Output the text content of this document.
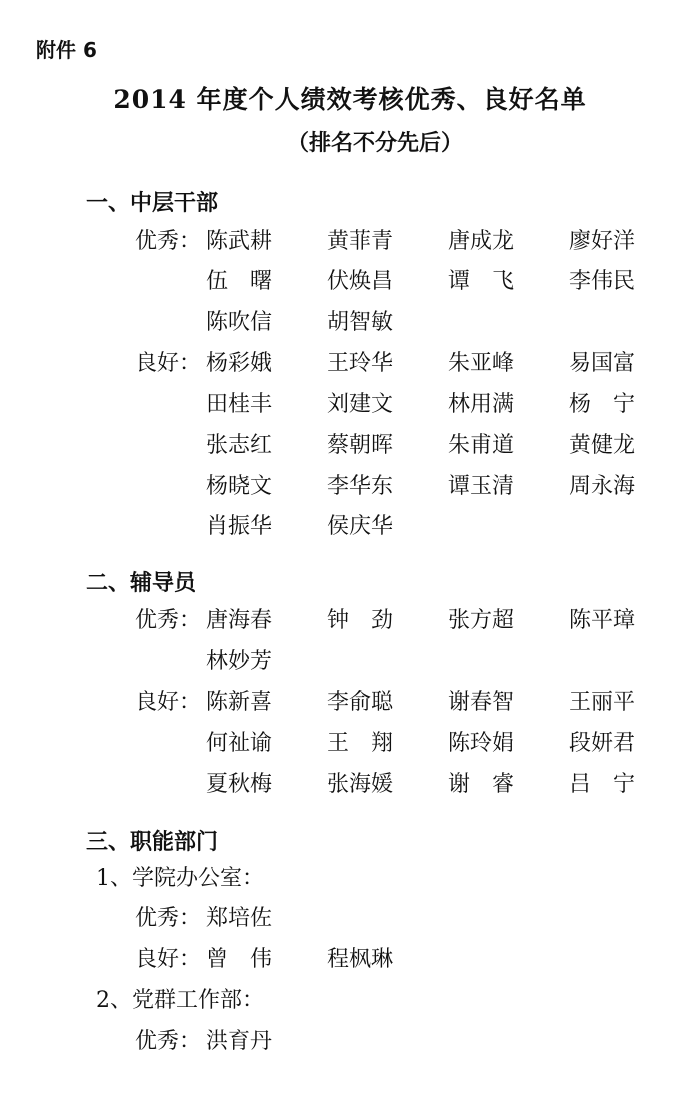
附件 6
2014 年度个人绩效考核优秀、良好名单
（排名不分先后）
一、中层干部
优秀： 陈武耕 黄菲青 唐成龙 廖好洋
伍　曙 伏焕昌 谭　飞 李伟民
陈吹信 胡智敏
良好： 杨彩娥 王玲华 朱亚峰 易国富
田桂丰 刘建文 林用满 杨　宁
张志红 蔡朝晖 朱甫道 黄健龙
杨晓文 李华东 谭玉清 周永海
肖振华 侯庆华
二、辅导员
优秀： 唐海春 钟　劲 张方超 陈平璋
林妙芳
良好： 陈新喜 李俞聪 谢春智 王丽平
何祉谕 王　翔 陈玲娟 段妍君
夏秋梅 张海媛 谢　睿 吕　宁
三、职能部门
1、学院办公室：
优秀： 郑培佐
良好： 曾　伟 程枫琳
2、党群工作部：
优秀： 洪育丹
